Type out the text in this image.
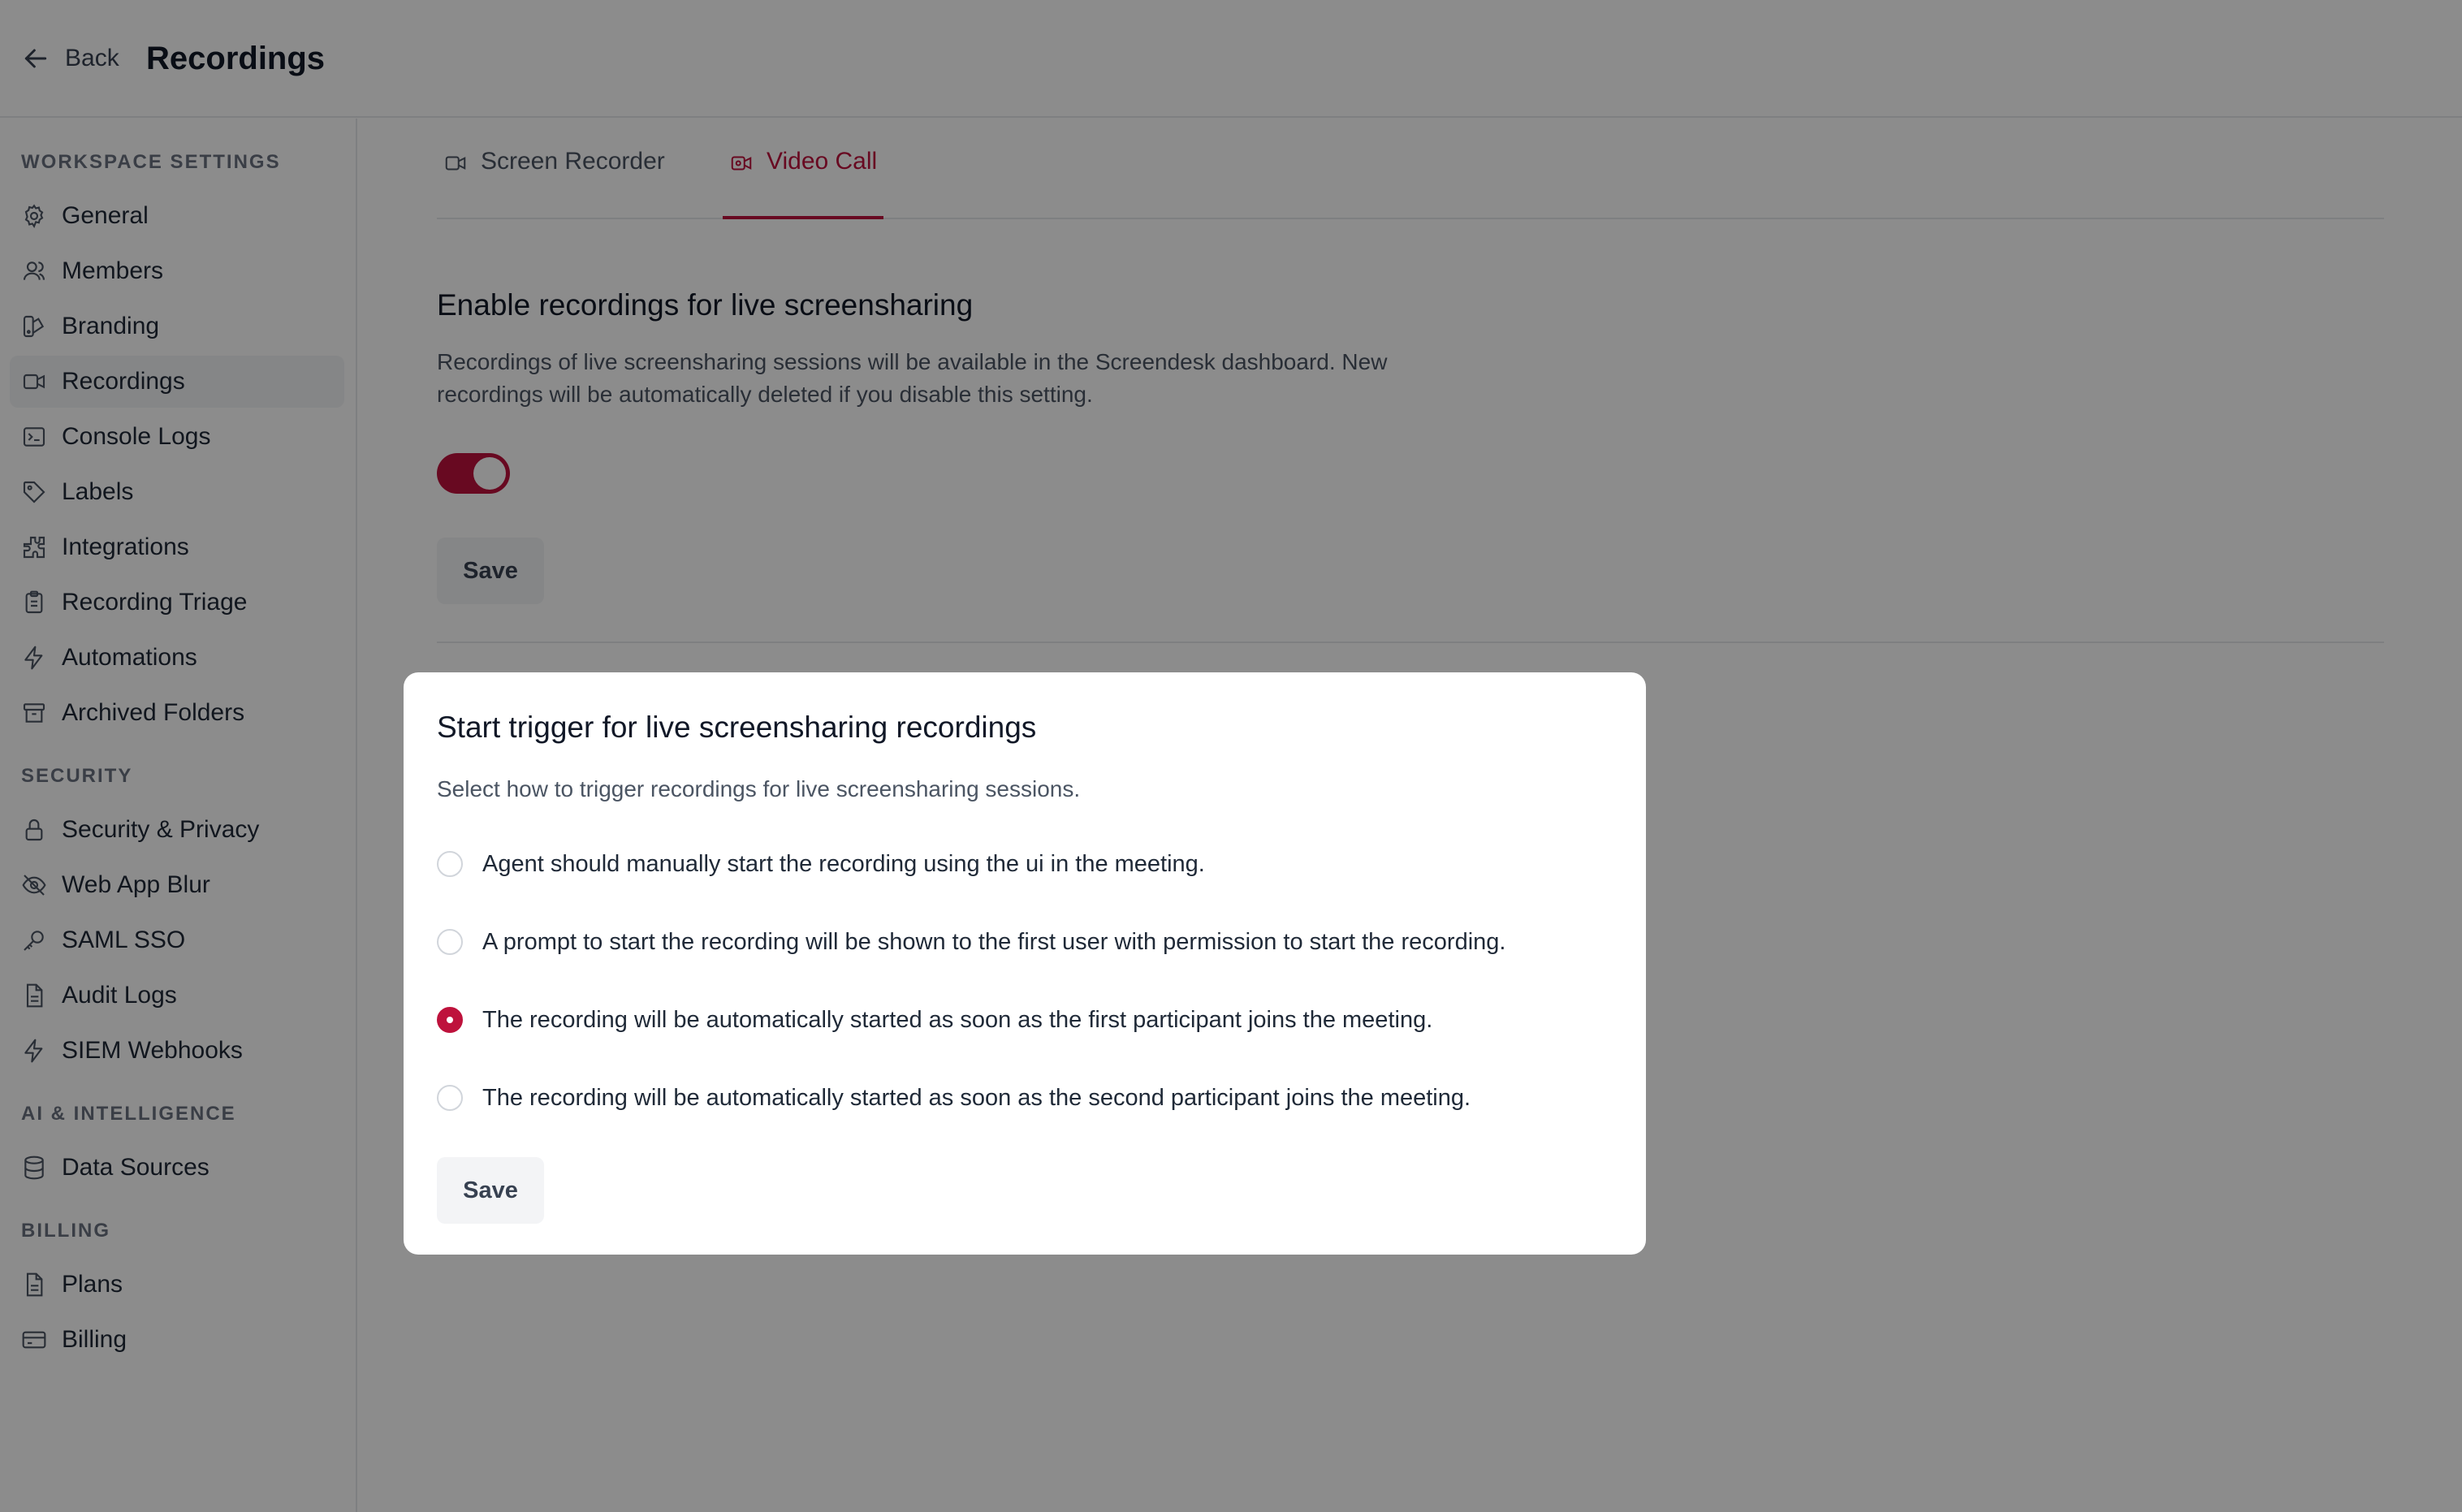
Back Recordings
WORKSPACE SETTINGS
General
Members
Branding
Recordings
Console Logs
Labels
Integrations
Recording Triage
Automations
Archived Folders
SECURITY
Security & Privacy
Web App Blur
SAML SSO
Audit Logs
SIEM Webhooks
AI & INTELLIGENCE
Data Sources
BILLING
Plans
Billing
Screen Recorder	Video Call
Enable recordings for live screensharing
Recordings of live screensharing sessions will be available in the Screendesk dashboard. New recordings will be automatically deleted if you disable this setting.
Save
Start trigger for live screensharing recordings
Select how to trigger recordings for live screensharing sessions.
Agent should manually start the recording using the ui in the meeting.
A prompt to start the recording will be shown to the first user with permission to start the recording.
The recording will be automatically started as soon as the first participant joins the meeting.
The recording will be automatically started as soon as the second participant joins the meeting.
Save
